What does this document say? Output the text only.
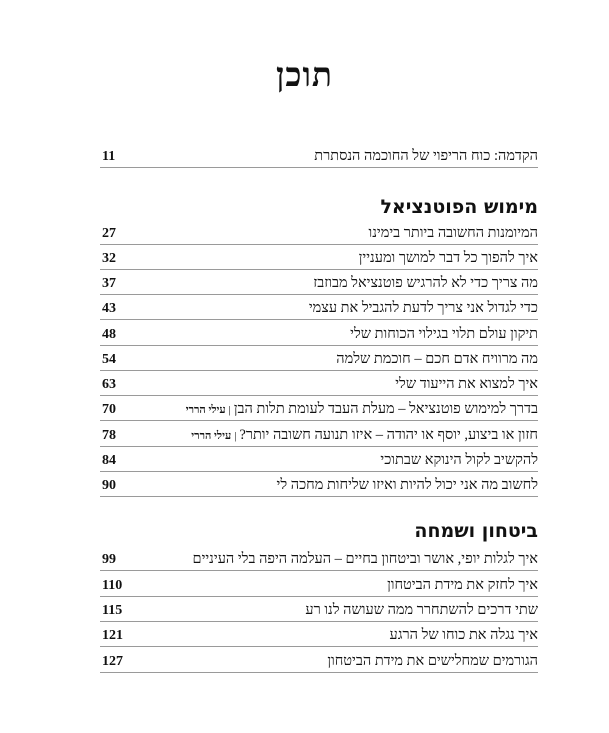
תוכן
הקדמה: כוח הריפוי של החוכמה הנסתרת
11
מימוש הפוטנציאל
המיומנות החשובה ביותר בימינו
27
איך להפוך כל דבר למושך ומעניין
32
מה צריך כדי לא להרגיש פוטנציאל מבוזבז
37
כדי לגדול אני צריך לדעת להגביל את עצמי
43
תיקון עולם תלוי בגילוי הכוחות שלי
48
מה מרוויח אדם חכם – חוכמת שלמה
54
איך למצוא את הייעוד שלי
63
בדרך למימוש פוטנציאל – מעלת העבד לעומת תלות הבן|עילי הררי
70
חזון או ביצוע, יוסף או יהודה – איזו תנועה חשובה יותר?|עילי הררי
78
להקשיב לקול הינוקא שבתוכי
84
לחשוב מה אני יכול להיות ואיזו שליחות מחכה לי
90
ביטחון ושמחה
איך לגלות יופי, אושר וביטחון בחיים – העלמה היפה בלי העיניים
99
איך לחזק את מידת הביטחון
110
שתי דרכים להשתחרר ממה שעושה לנו רע
115
איך נגלה את כוחו של הרגע
121
הגורמים שמחלישים את מידת הביטחון
127
